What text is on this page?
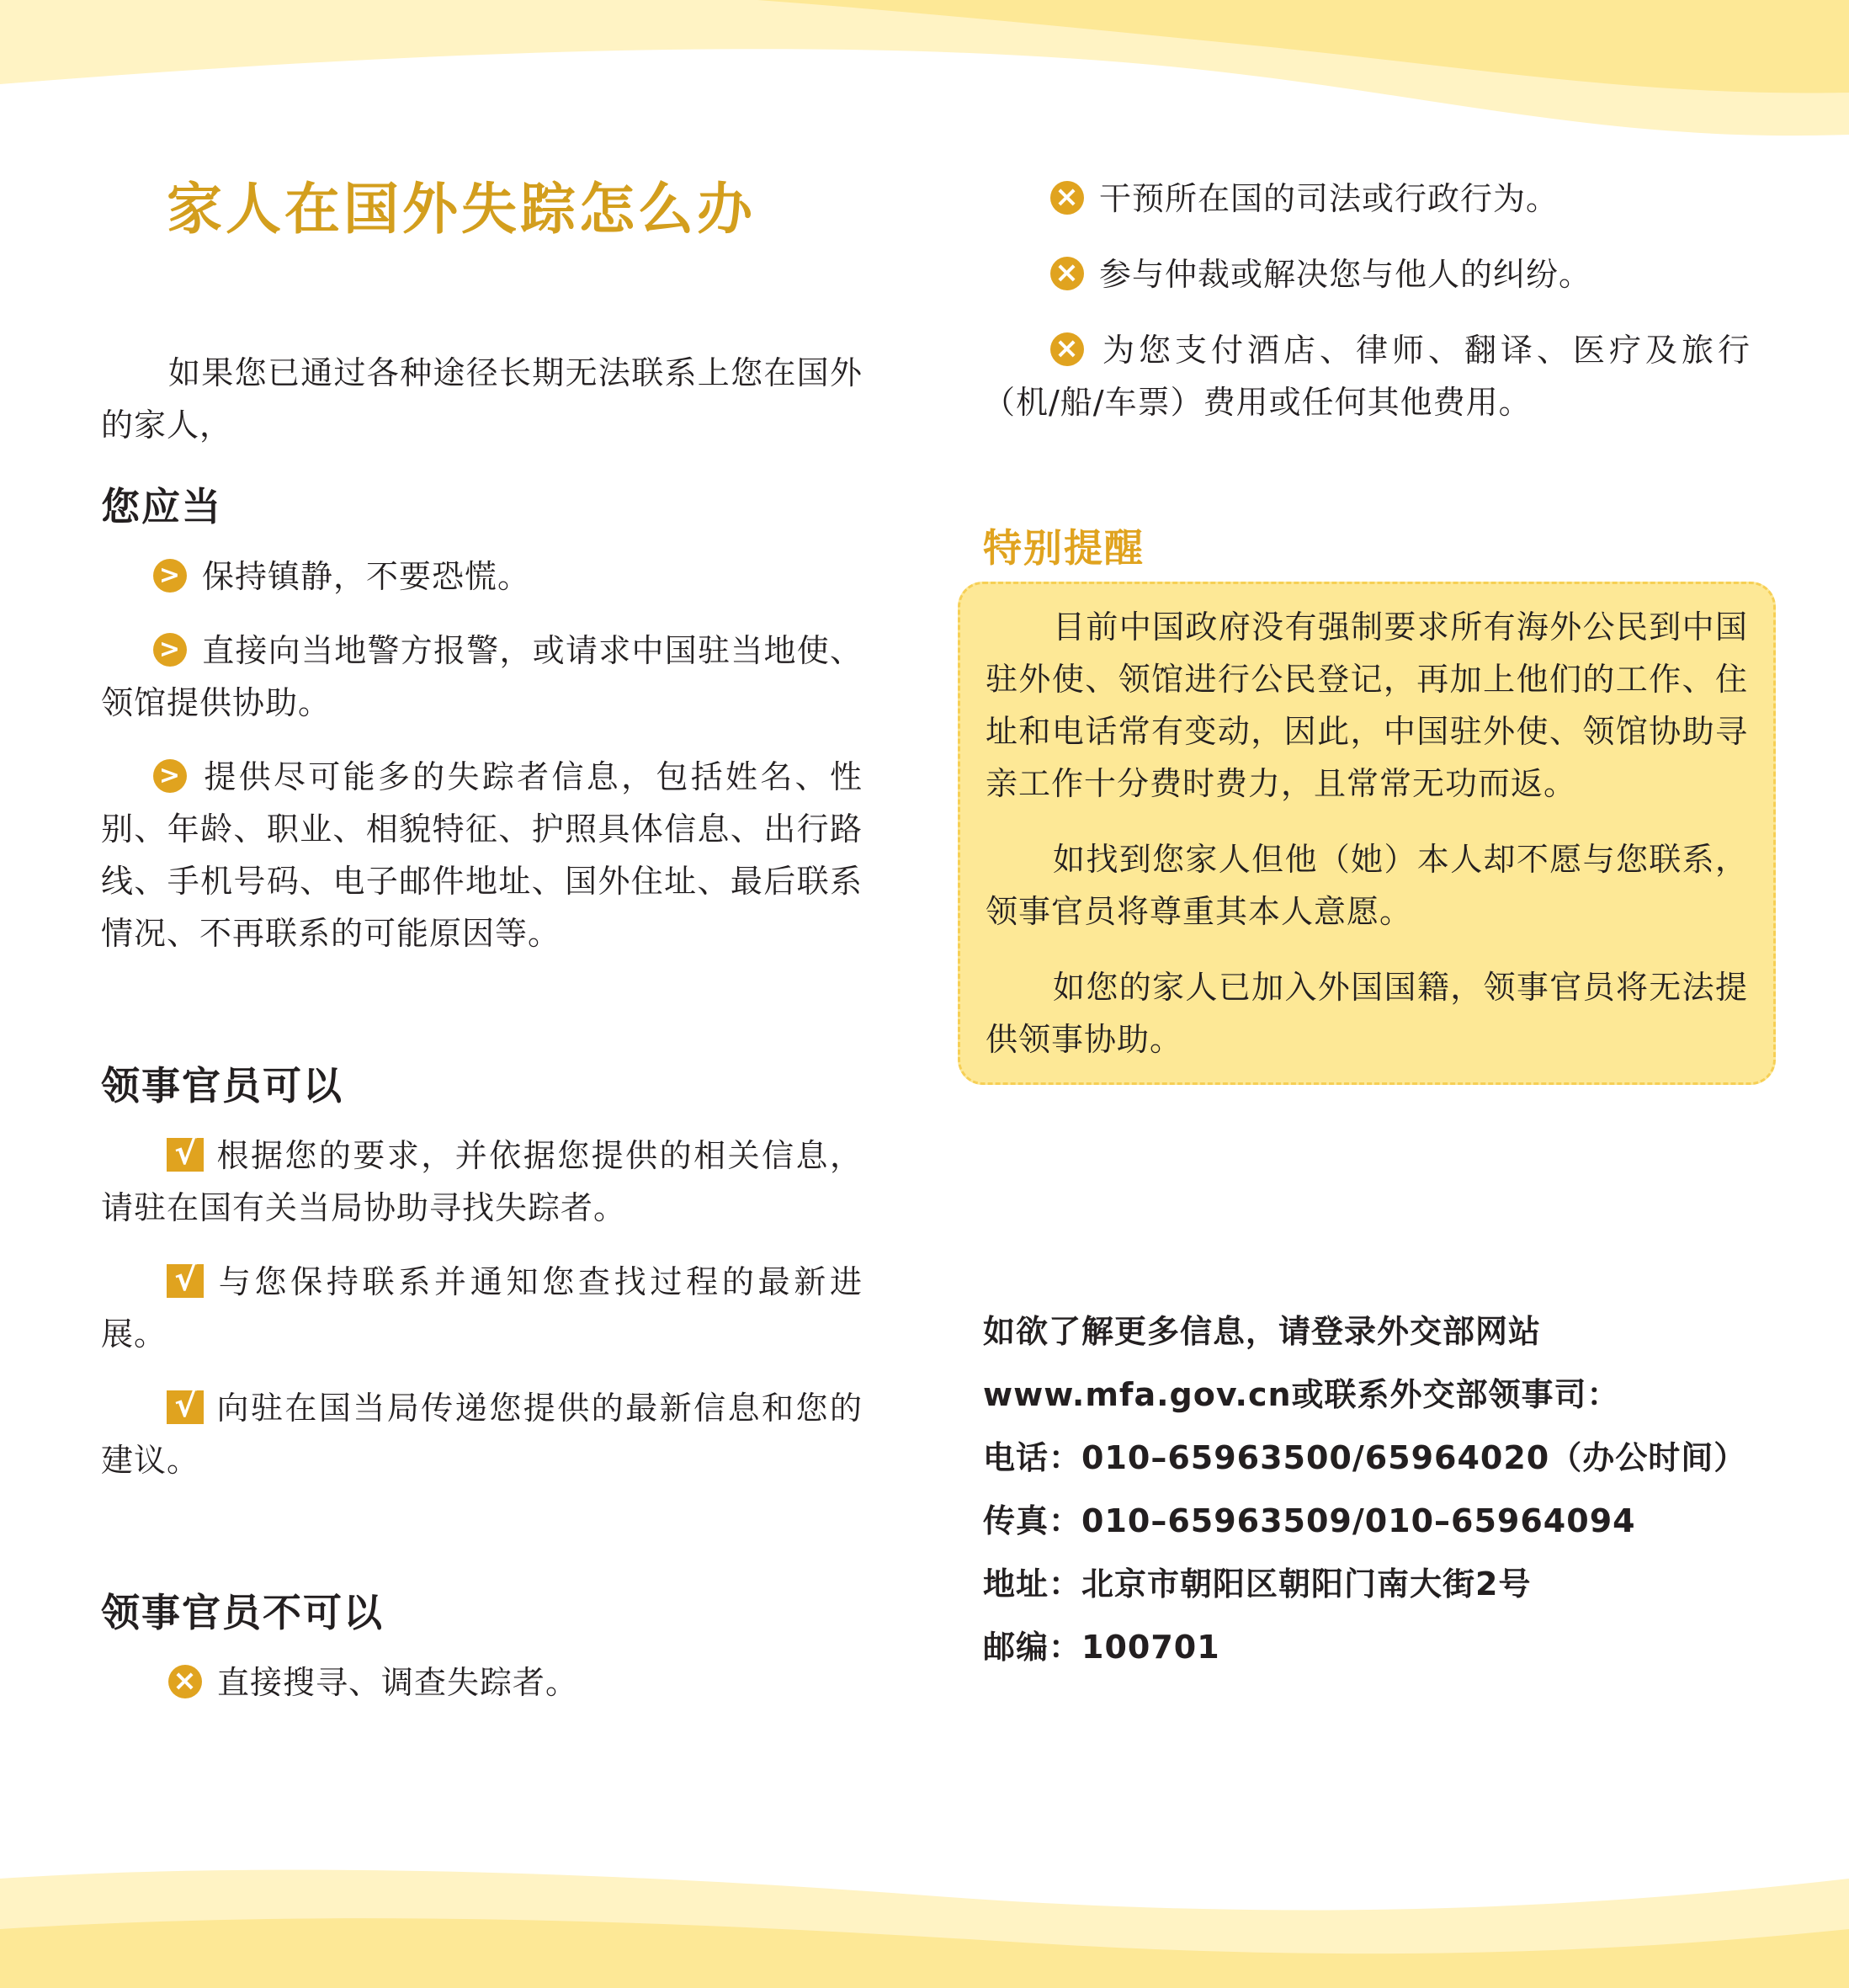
家人在国外失踪怎么办

如果您已通过各种途径长期无法联系上您在国外的家人，

您应当

>保持镇静，不要恐慌。

>直接向当地警方报警，或请求中国驻当地使、领馆提供协助。

>提供尽可能多的失踪者信息，包括姓名、性别、年龄、职业、相貌特征、护照具体信息、出行路线、手机号码、电子邮件地址、国外住址、最后联系情况、不再联系的可能原因等。

领事官员可以

√根据您的要求，并依据您提供的相关信息，请驻在国有关当局协助寻找失踪者。

√与您保持联系并通知您查找过程的最新进展。

√向驻在国当局传递您提供的最新信息和您的建议。

领事官员不可以

×直接搜寻、调查失踪者。

×干预所在国的司法或行政行为。

×参与仲裁或解决您与他人的纠纷。

×为您支付酒店、律师、翻译、医疗及旅行（机/船/车票）费用或任何其他费用。

特别提醒

目前中国政府没有强制要求所有海外公民到中国驻外使、领馆进行公民登记，再加上他们的工作、住址和电话常有变动，因此，中国驻外使、领馆协助寻亲工作十分费时费力，且常常无功而返。

如找到您家人但他（她）本人却不愿与您联系，领事官员将尊重其本人意愿。

如您的家人已加入外国国籍，领事官员将无法提供领事协助。

如欲了解更多信息，请登录外交部网站

www.mfa.gov.cn或联系外交部领事司：

电话：010–65963500/65964020（办公时间）

传真：010–65963509/010–65964094

地址：北京市朝阳区朝阳门南大街2号

邮编：100701
